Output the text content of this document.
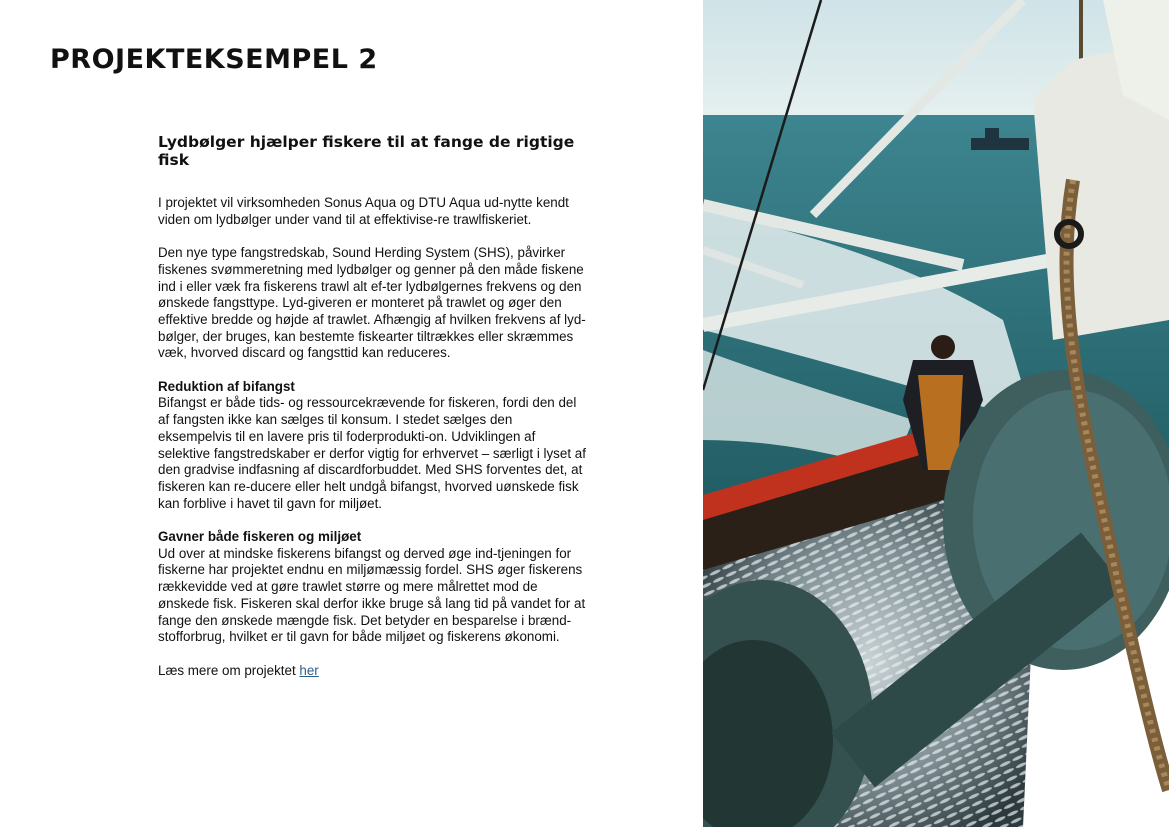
PROJEKTEKSEMPEL 2
Lydbølger hjælper fiskere til at fange de rigtige fisk

I projektet vil virksomheden Sonus Aqua og DTU Aqua ud-nytte kendt viden om lydbølger under vand til at effektivise-re trawlfiskeriet.

Den nye type fangstredskab, Sound Herding System (SHS), påvirker fiskenes svømmeretning med lydbølger og genner på den måde fiskene ind i eller væk fra fiskerens trawl alt ef-ter lydbølgernes frekvens og den ønskede fangsttype. Lyd-giveren er monteret på trawlet og øger den effektive bredde og højde af trawlet. Afhængig af hvilken frekvens af lyd-bølger, der bruges, kan bestemte fiskearter tiltrækkes eller skræmmes væk, hvorved discard og fangsttid kan reduceres.

Reduktion af bifangst
Bifangst er både tids- og ressourcekrævende for fiskeren, fordi den del af fangsten ikke kan sælges til konsum. I stedet sælges den eksempelvis til en lavere pris til foderprodukti-on. Udviklingen af selektive fangstredskaber er derfor vigtig for erhvervet – særligt i lyset af den gradvise indfasning af discardforbuddet. Med SHS forventes det, at fiskeren kan re-ducere eller helt undgå bifangst, hvorved uønskede fisk kan forblive i havet til gavn for miljøet.

Gavner både fiskeren og miljøet
Ud over at mindske fiskerens bifangst og derved øge ind-tjeningen for fiskerne har projektet endnu en miljømæssig fordel. SHS øger fiskerens rækkevidde ved at gøre trawlet større og mere målrettet mod de ønskede fisk. Fiskeren skal derfor ikke bruge så lang tid på vandet for at fange den ønskede mængde fisk. Det betyder en besparelse i brænd-stofforbrug, hvilket er til gavn for både miljøet og fiskerens økonomi.

Læs mere om projektet her
